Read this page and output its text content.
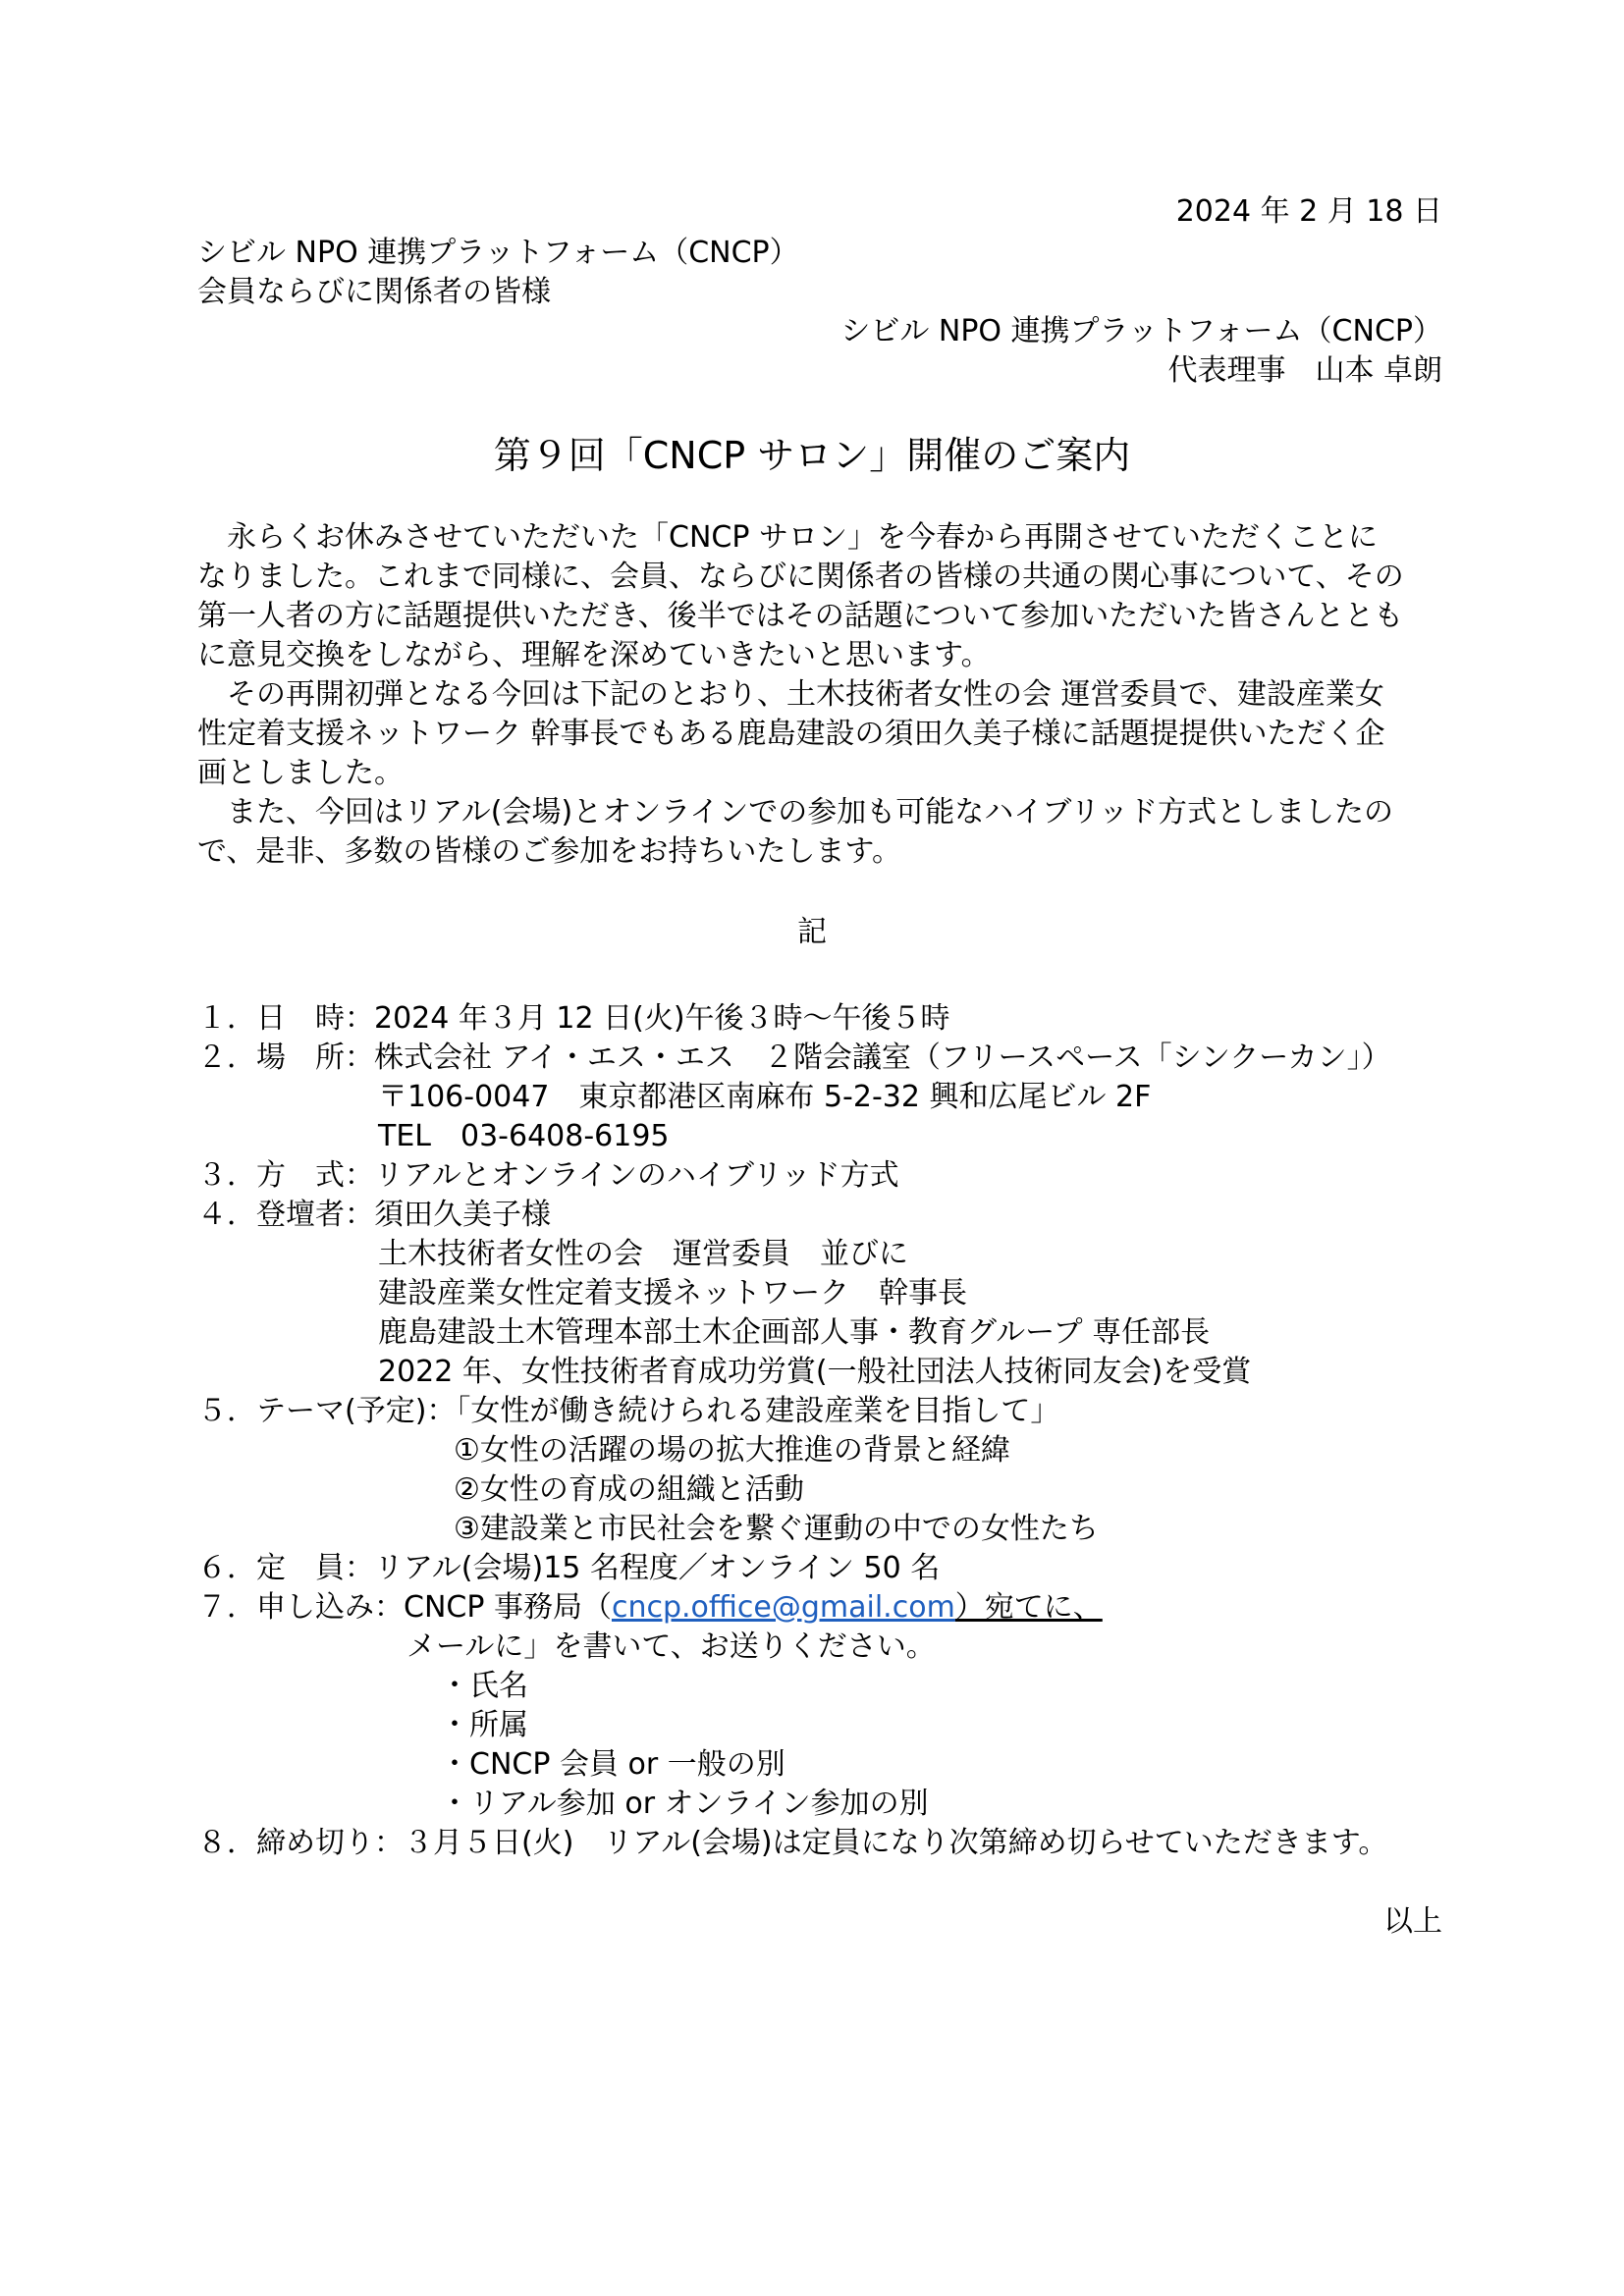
2024 年 2 月 18 日
シビル NPO 連携プラットフォーム（CNCP）
会員ならびに関係者の皆様
シビル NPO 連携プラットフォーム（CNCP）
代表理事　山本 卓朗
第９回「CNCP サロン」開催のご案内

　永らくお休みさせていただいた「CNCP サロン」を今春から再開させていただくことに

なりました。これまで同様に、会員、ならびに関係者の皆様の共通の関心事について、その

第一人者の方に話題提供いただき、後半ではその話題について参加いただいた皆さんととも

に意見交換をしながら、理解を深めていきたいと思います。

　その再開初弾となる今回は下記のとおり、土木技術者女性の会 運営委員で、建設産業女

性定着支援ネットワーク 幹事長でもある鹿島建設の須田久美子様に話題提提供いただく企

画としました。

　また、今回はリアル(会場)とオンラインでの参加も可能なハイブリッド方式としましたの

で、是非、多数の皆様のご参加をお持ちいたします。

記
１．日　時：2024 年３月 12 日(火)午後３時～午後５時
２．場　所：株式会社 アイ・エス・エス　２階会議室（フリースペース「シンクーカン」）
〒106-0047　東京都港区南麻布 5-2-32 興和広尾ビル 2F
TEL　03-6408-6195
３．方　式：リアルとオンラインのハイブリッド方式
４．登壇者：須田久美子様
土木技術者女性の会　運営委員　並びに
建設産業女性定着支援ネットワーク　幹事長
鹿島建設土木管理本部土木企画部人事・教育グループ 専任部長
2022 年、女性技術者育成功労賞(一般社団法人技術同友会)を受賞
５．テーマ(予定)：「女性が働き続けられる建設産業を目指して」
①女性の活躍の場の拡大推進の背景と経緯
②女性の育成の組織と活動
③建設業と市民社会を繋ぐ運動の中での女性たち
６．定　員：リアル(会場)15 名程度／オンライン 50 名
７．申し込み：CNCP 事務局（cncp.office@gmail.com）宛てに、
メールに」を書いて、お送りください。
・氏名
・所属
・CNCP 会員 or 一般の別
・リアル参加 or オンライン参加の別
８．締め切り：３月５日(火)　リアル(会場)は定員になり次第締め切らせていただきます。
以上
